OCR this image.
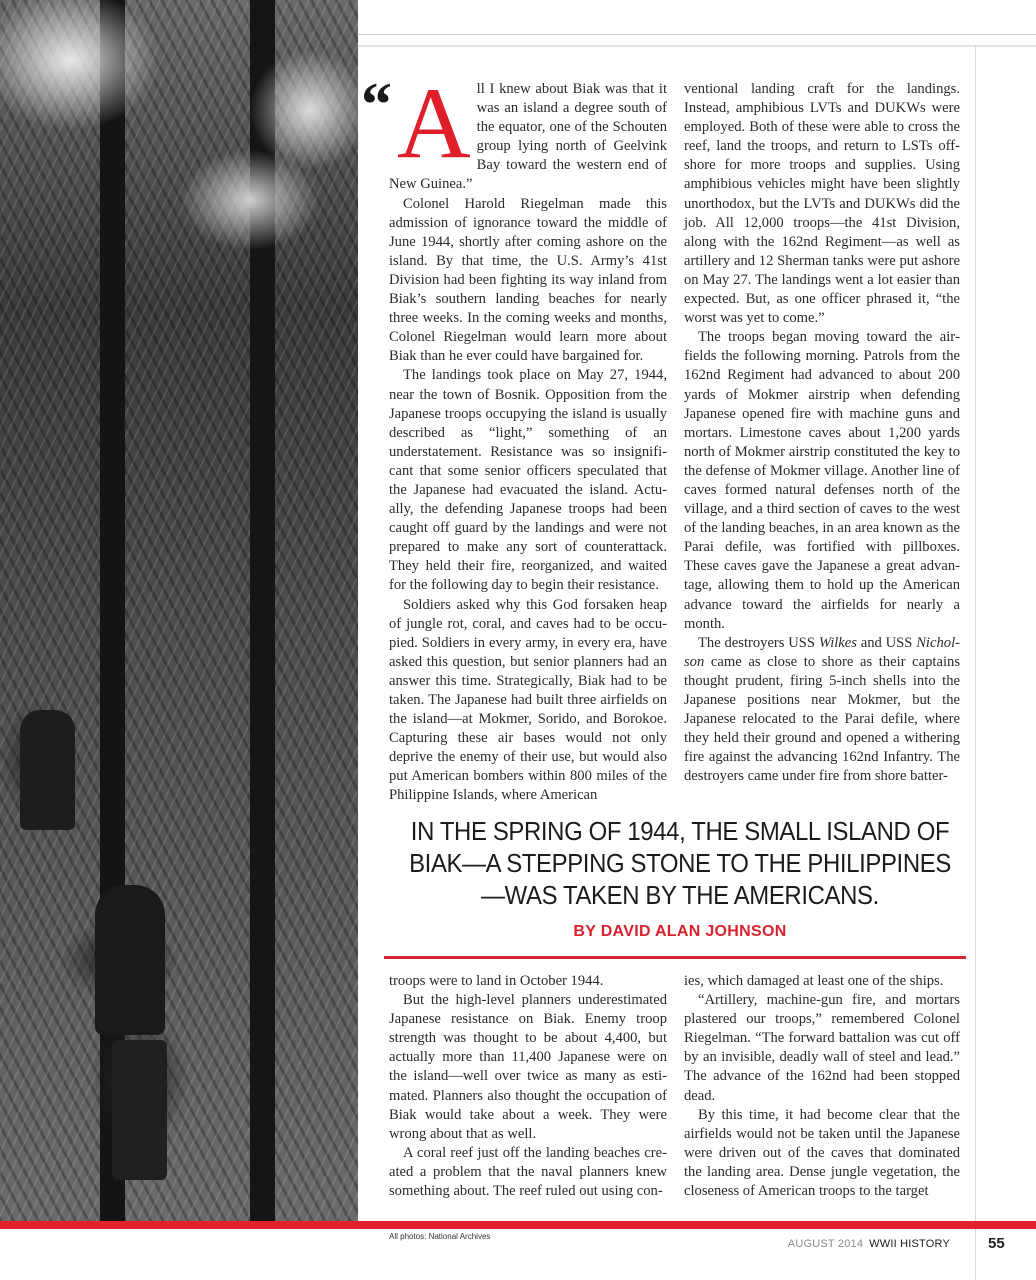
“ A ll I knew about Biak was that it was an island a degree south of the equator, one of the Schouten group lying north of Geelvink Bay toward the western end of New Guinea.”

Colonel Harold Riegelman made this admission of ignorance toward the middle of June 1944, shortly after coming ashore on the island. By that time, the U.S. Army’s 41st Division had been fighting its way inland from Biak’s southern landing beaches for nearly three weeks. In the coming weeks and months, Colonel Riegelman would learn more about Biak than he ever could have bargained for.

The landings took place on May 27, 1944, near the town of Bosnik. Opposition from the Japanese troops occupying the island is usually described as “light,” something of an understatement. Resistance was so insignificant that some senior officers speculated that the Japanese had evacuated the island. Actually, the defending Japanese troops had been caught off guard by the landings and were not prepared to make any sort of counterattack. They held their fire, reorganized, and waited for the following day to begin their resistance.

Soldiers asked why this God forsaken heap of jungle rot, coral, and caves had to be occupied. Soldiers in every army, in every era, have asked this question, but senior planners had an answer this time. Strategically, Biak had to be taken. The Japanese had built three airfields on the island—at Mokmer, Sorido, and Borokoe. Capturing these air bases would not only deprive the enemy of their use, but would also put American bombers within 800 miles of the Philippine Islands, where American

ventional landing craft for the landings. Instead, amphibious LVTs and DUKWs were employed. Both of these were able to cross the reef, land the troops, and return to LSTs offshore for more troops and supplies. Using amphibious vehicles might have been slightly unorthodox, but the LVTs and DUKWs did the job. All 12,000 troops—the 41st Division, along with the 162nd Regiment—as well as artillery and 12 Sherman tanks were put ashore on May 27. The landings went a lot easier than expected. But, as one officer phrased it, “the worst was yet to come.”

The troops began moving toward the airfields the following morning. Patrols from the 162nd Regiment had advanced to about 200 yards of Mokmer airstrip when defending Japanese opened fire with machine guns and mortars. Limestone caves about 1,200 yards north of Mokmer airstrip constituted the key to the defense of Mokmer village. Another line of caves formed natural defenses north of the village, and a third section of caves to the west of the landing beaches, in an area known as the Parai defile, was fortified with pillboxes. These caves gave the Japanese a great advantage, allowing them to hold up the American advance toward the airfields for nearly a month.

The destroyers USS Wilkes and USS Nicholson came as close to shore as their captains thought prudent, firing 5-inch shells into the Japanese positions near Mokmer, but the Japanese relocated to the Parai defile, where they held their ground and opened a withering fire against the advancing 162nd Infantry. The destroyers came under fire from shore batter-

IN THE SPRING OF 1944, THE SMALL ISLAND OF BIAK—A STEPPING STONE TO THE PHILIPPINES—WAS TAKEN BY THE AMERICANS.
BY DAVID ALAN JOHNSON

troops were to land in October 1944.

But the high-level planners underestimated Japanese resistance on Biak. Enemy troop strength was thought to be about 4,400, but actually more than 11,400 Japanese were on the island—well over twice as many as estimated. Planners also thought the occupation of Biak would take about a week. They were wrong about that as well.

A coral reef just off the landing beaches created a problem that the naval planners knew something about. The reef ruled out using con-

ies, which damaged at least one of the ships.

“Artillery, machine-gun fire, and mortars plastered our troops,” remembered Colonel Riegelman. “The forward battalion was cut off by an invisible, deadly wall of steel and lead.” The advance of the 162nd had been stopped dead.

By this time, it had become clear that the airfields would not be taken until the Japanese were driven out of the caves that dominated the landing area. Dense jungle vegetation, the closeness of American troops to the target

All photos: National Archives
AUGUST 2014 WWII HISTORY	55
